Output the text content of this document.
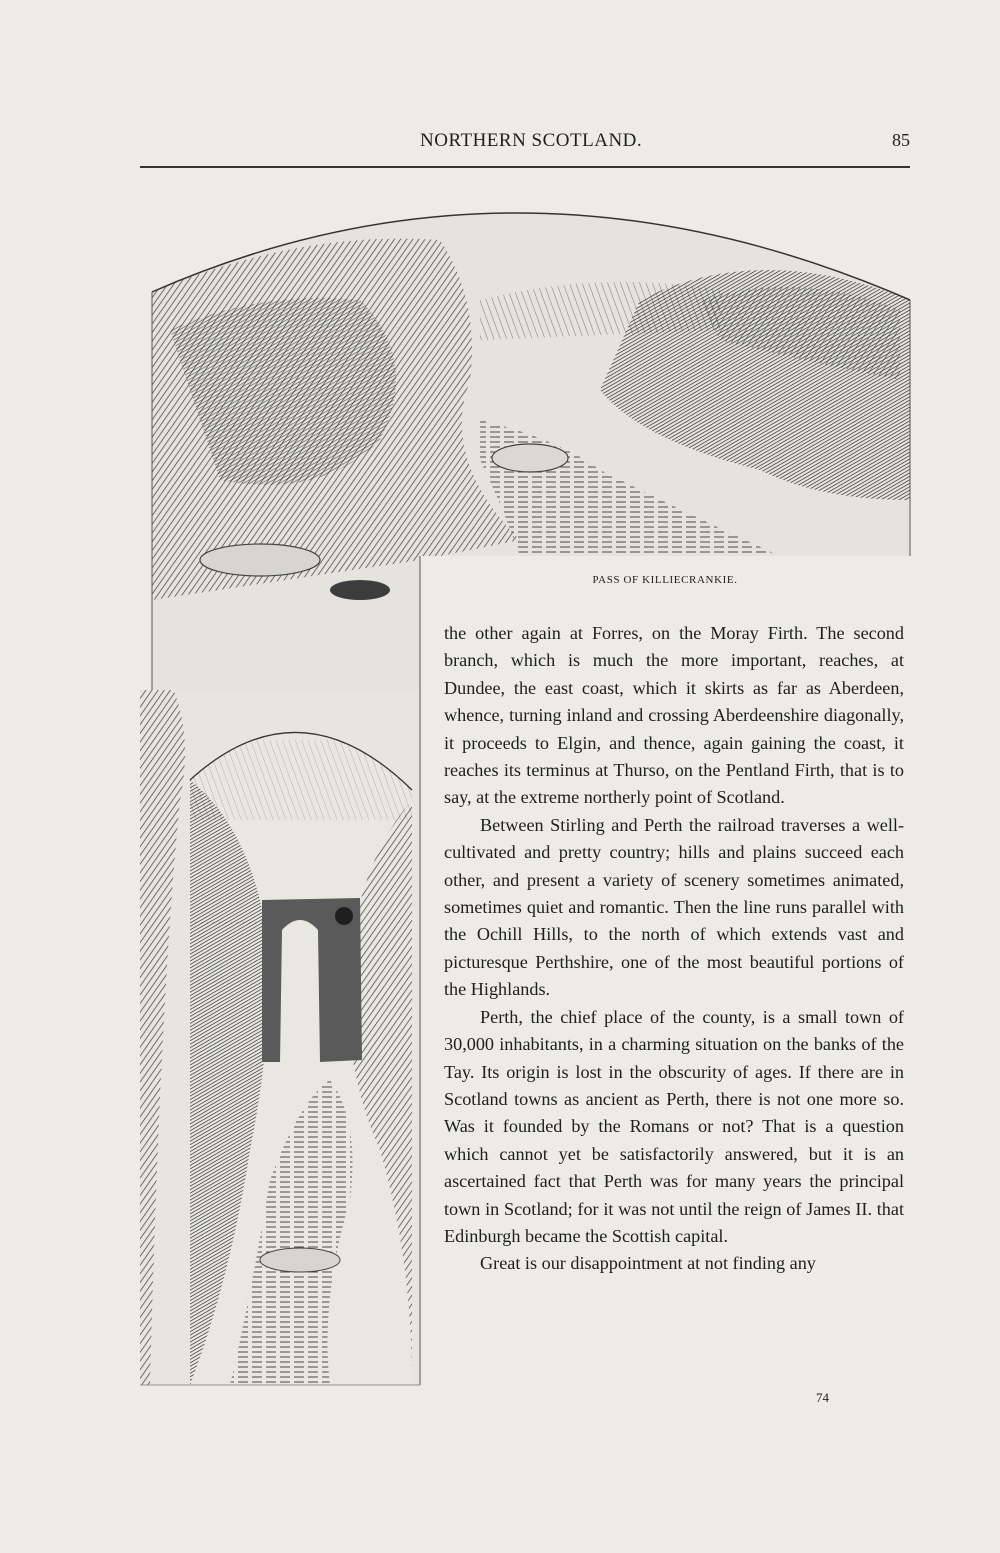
NORTHERN SCOTLAND.	85
PASS OF KILLIECRANKIE.

the other again at Forres, on the Moray Firth. The second branch, which is much the more important, reaches, at Dundee, the east coast, which it skirts as far as Aberdeen, whence, turning inland and crossing Aberdeenshire diagonally, it proceeds to Elgin, and thence, again gaining the coast, it reaches its terminus at Thurso, on the Pentland Firth, that is to say, at the extreme northerly point of Scotland.

Between Stirling and Perth the railroad traverses a well-cultivated and pretty country; hills and plains succeed each other, and present a variety of scenery sometimes animated, sometimes quiet and romantic. Then the line runs parallel with the Ochill Hills, to the north of which extends vast and picturesque Perthshire, one of the most beautiful portions of the Highlands.

Perth, the chief place of the county, is a small town of 30,000 inhabitants, in a charming situation on the banks of the Tay. Its origin is lost in the obscurity of ages. If there are in Scotland towns as ancient as Perth, there is not one more so. Was it founded by the Romans or not? That is a question which cannot yet be satisfactorily answered, but it is an ascertained fact that Perth was for many years the principal town in Scotland; for it was not until the reign of James II. that Edinburgh became the Scottish capital.

Great is our disappointment at not finding any

74
